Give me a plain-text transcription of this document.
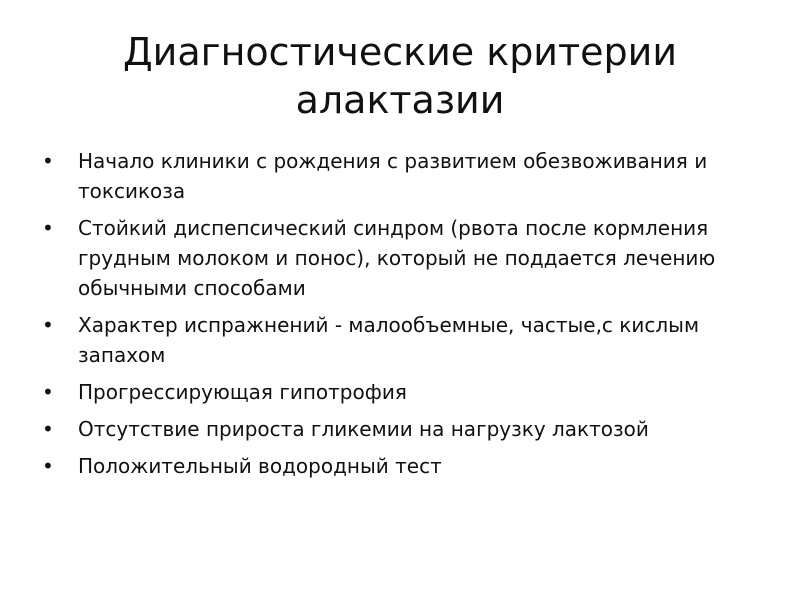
Диагностические критерии
алактазии
•	Начало клиники с рождения с развитием обезвоживания и токсикоза
•	Стойкий диспепсический синдром (рвота после кормления грудным молоком и понос), который не поддается лечению обычными способами
•	Характер испражнений - малообъемные, частые,с кислым запахом
•	Прогрессирующая гипотрофия
•	Отсутствие прироста гликемии на нагрузку лактозой
•	Положительный водородный тест
